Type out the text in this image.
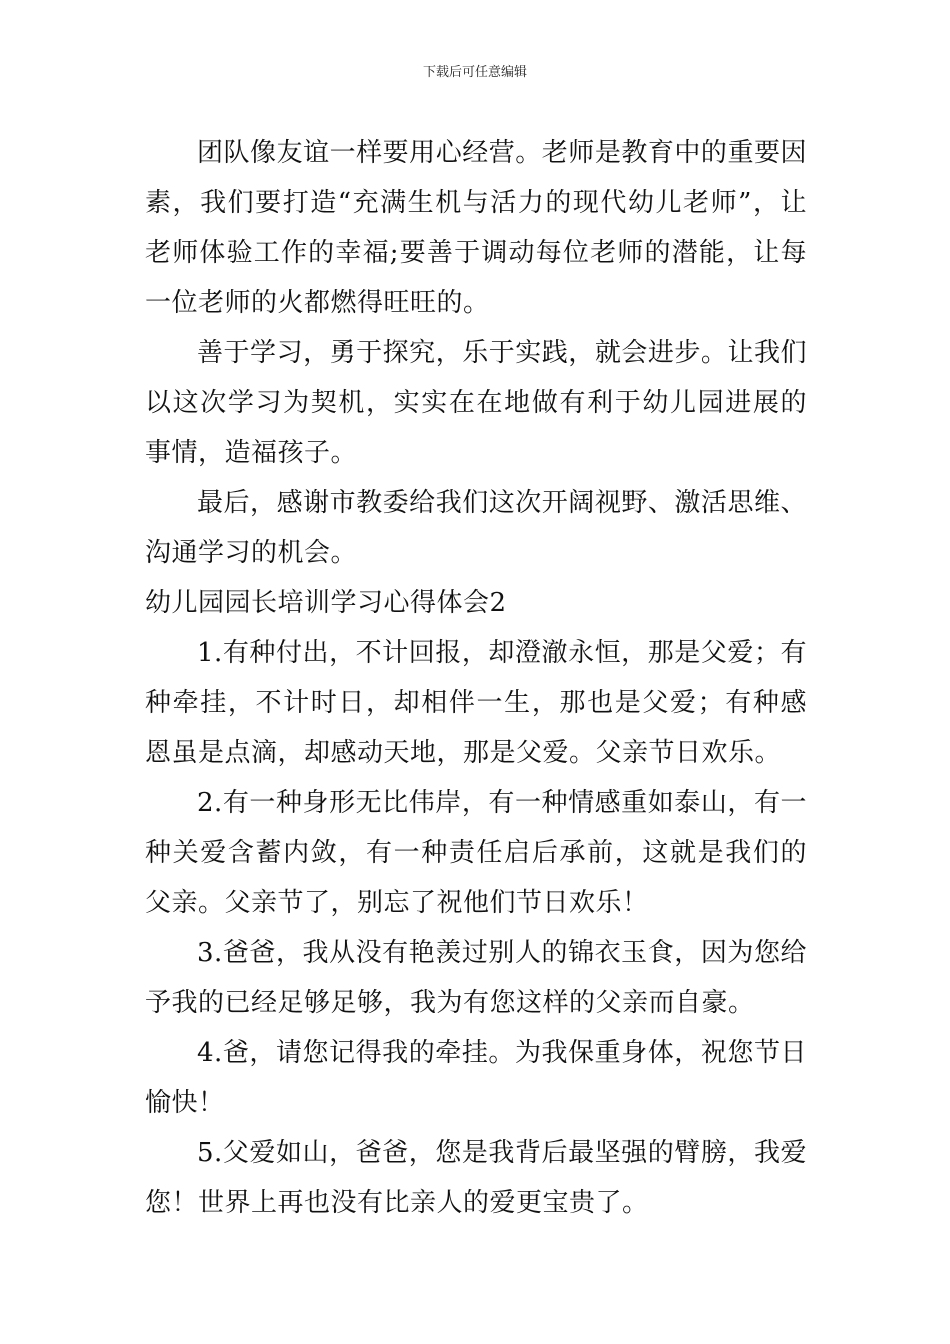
下载后可任意编辑

团队像友谊一样要用心经营。老师是教育中的重要因素，我们要打造“充满生机与活力的现代幼儿老师”，让老师体验工作的幸福;要善于调动每位老师的潜能，让每一位老师的火都燃得旺旺的。

善于学习，勇于探究，乐于实践，就会进步。让我们以这次学习为契机，实实在在地做有利于幼儿园进展的事情，造福孩子。

最后，感谢市教委给我们这次开阔视野、激活思维、沟通学习的机会。

幼儿园园长培训学习心得体会2

1.有种付出，不计回报，却澄澈永恒，那是父爱；有种牵挂，不计时日，却相伴一生，那也是父爱；有种感恩虽是点滴，却感动天地，那是父爱。父亲节日欢乐。

2.有一种身形无比伟岸，有一种情感重如泰山，有一种关爱含蓄内敛，有一种责任启后承前，这就是我们的父亲。父亲节了，别忘了祝他们节日欢乐！

3.爸爸，我从没有艳羡过别人的锦衣玉食，因为您给予我的已经足够足够，我为有您这样的父亲而自豪。

4.爸，请您记得我的牵挂。为我保重身体，祝您节日愉快！

5.父爱如山，爸爸，您是我背后最坚强的臂膀，我爱您！世界上再也没有比亲人的爱更宝贵了。
